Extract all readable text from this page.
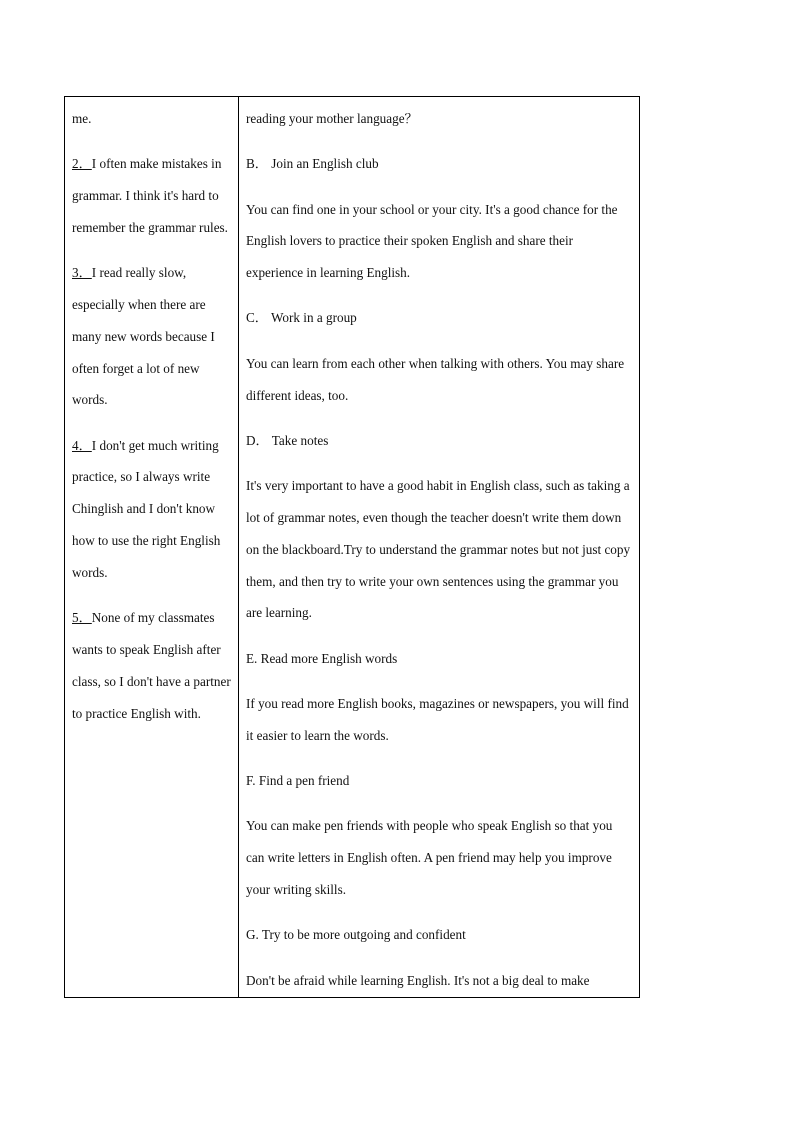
me.

2．I often make mistakes in grammar. I think it's hard to remember the grammar rules.

3．I read really slow, especially when there are many new words because I often forget a lot of new words.

4．I don't get much writing practice, so I always write Chinglish and I don't know how to use the right English words.

5．None of my classmates wants to speak English after class, so I don't have a partner to practice English with.

reading your mother language？

B． Join an English club

You can find one in your school or your city. It's a good chance for the English lovers to practice their spoken English and share their experience in learning English.

C． Work in a group

You can learn from each other when talking with others. You may share different ideas, too.

D． Take notes

It's very important to have a good habit in English class, such as taking a lot of grammar notes, even though the teacher doesn't write them down on the blackboard.Try to understand the grammar notes but not just copy them, and then try to write your own sentences using the grammar you are learning.

E. Read more English words

If you read more English books, magazines or newspapers, you will find it easier to learn the words.

F. Find a pen friend

You can make pen friends with people who speak English so that you can write letters in English often. A pen friend may help you improve your writing skills.

G. Try to be more outgoing and confident

Don't be afraid while learning English. It's not a big deal to make
